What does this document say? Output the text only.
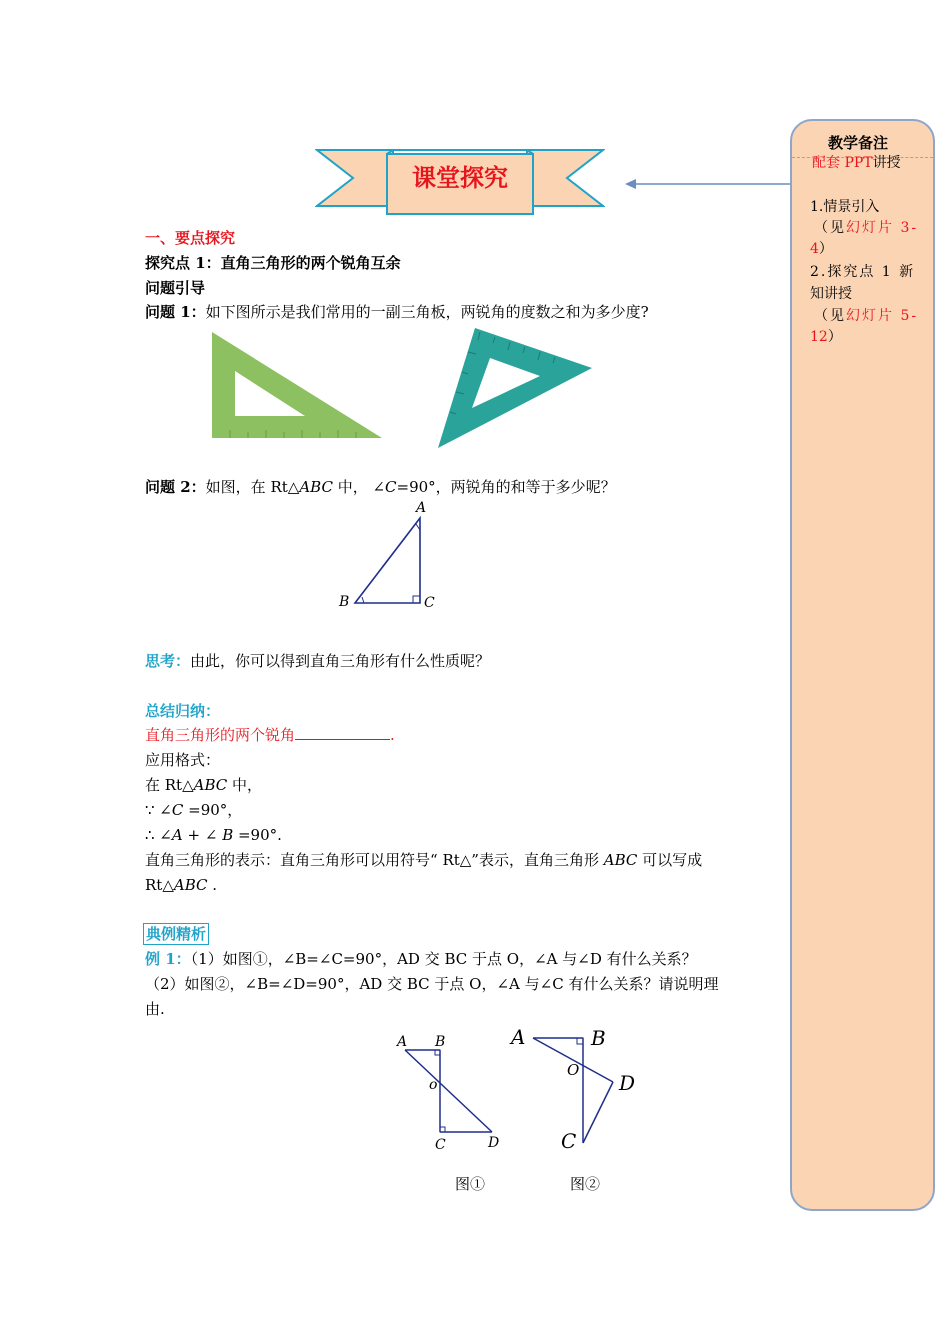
课堂探究
教学备注
配套 PPT讲授
1.情景引入
（见幻灯片 3-
4）
2.探究点 1 新
知讲授
（见幻灯片 5-
12）
一、要点探究
探究点 1：直角三角形的两个锐角互余
问题引导
问题 1：如下图所示是我们常用的一副三角板，两锐角的度数之和为多少度?
问题 2：如图，在 Rt△ABC 中， ∠C=90°，两锐角的和等于多少呢？
A
B	C
思考：由此，你可以得到直角三角形有什么性质呢？
总结归纳：
直角三角形的两个锐角	.
应用格式：
在 Rt△ABC 中，
∵ ∠C =90°，
∴ ∠A + ∠ B =90°.
直角三角形的表示：直角三角形可以用符号“ Rt△”表示，直角三角形 ABC 可以写成
Rt△ABC .
典例精析
例 1：（1）如图①，∠B=∠C=90°，AD 交 BC 于点 O，∠A 与∠D 有什么关系？
（2）如图②，∠B=∠D=90°，AD 交 BC 于点 O，∠A 与∠C 有什么关系？请说明理
由.
A B
o
C	D
图①
A	B
O
D
C
图②
